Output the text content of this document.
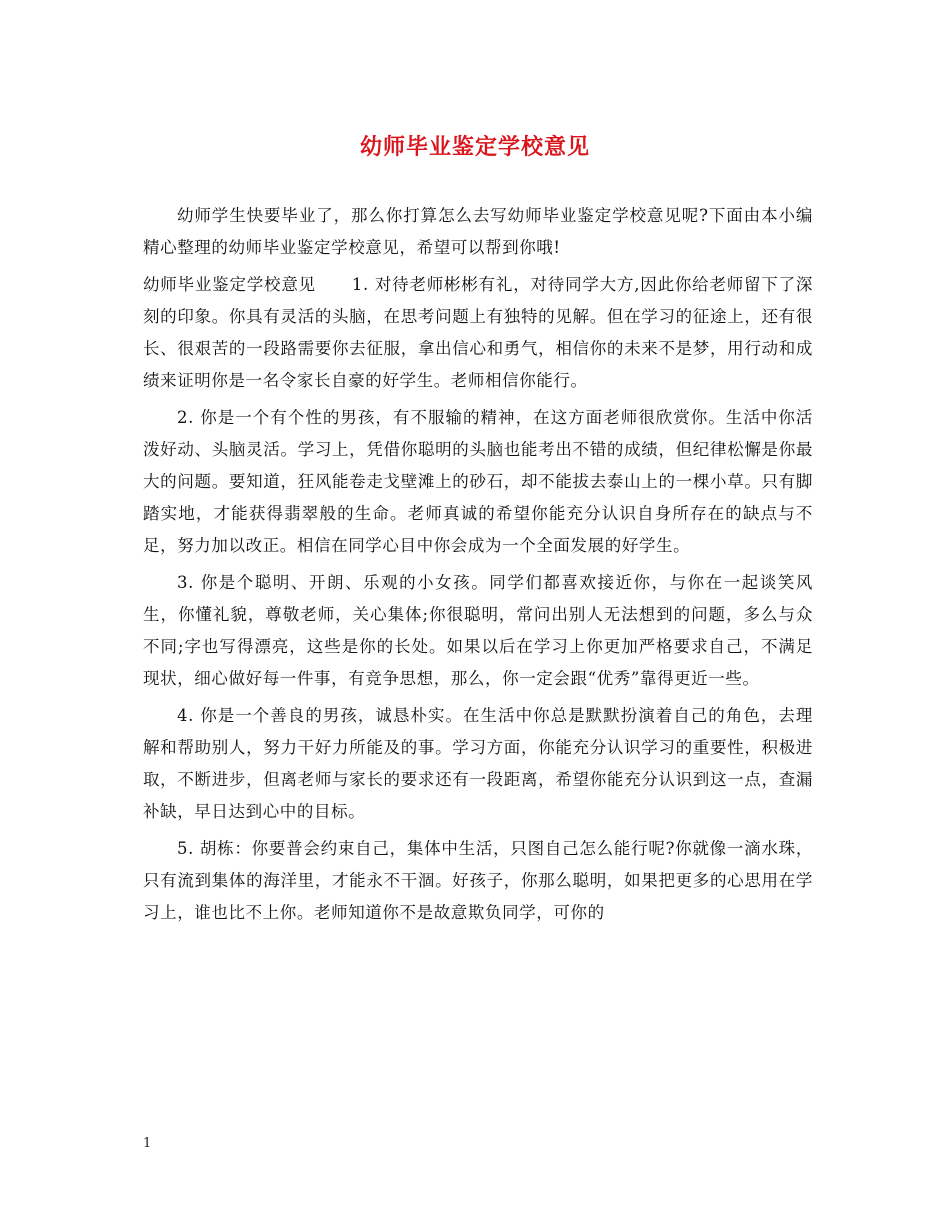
幼师毕业鉴定学校意见

幼师学生快要毕业了，那么你打算怎么去写幼师毕业鉴定学校意见呢?下面由本小编精心整理的幼师毕业鉴定学校意见，希望可以帮到你哦!

幼师毕业鉴定学校意见 1. 对待老师彬彬有礼，对待同学大方,因此你给老师留下了深刻的印象。你具有灵活的头脑，在思考问题上有独特的见解。但在学习的征途上，还有很长、很艰苦的一段路需要你去征服，拿出信心和勇气，相信你的未来不是梦，用行动和成绩来证明你是一名令家长自豪的好学生。老师相信你能行。

2. 你是一个有个性的男孩，有不服输的精神，在这方面老师很欣赏你。生活中你活泼好动、头脑灵活。学习上，凭借你聪明的头脑也能考出不错的成绩，但纪律松懈是你最大的问题。要知道，狂风能卷走戈壁滩上的砂石，却不能拔去泰山上的一棵小草。只有脚踏实地，才能获得翡翠般的生命。老师真诚的希望你能充分认识自身所存在的缺点与不足，努力加以改正。相信在同学心目中你会成为一个全面发展的好学生。

3. 你是个聪明、开朗、乐观的小女孩。同学们都喜欢接近你，与你在一起谈笑风生，你懂礼貌，尊敬老师，关心集体;你很聪明，常问出别人无法想到的问题，多么与众不同;字也写得漂亮，这些是你的长处。如果以后在学习上你更加严格要求自己，不满足现状，细心做好每一件事，有竞争思想，那么，你一定会跟“优秀”靠得更近一些。

4. 你是一个善良的男孩，诚恳朴实。在生活中你总是默默扮演着自己的角色，去理解和帮助别人，努力干好力所能及的事。学习方面，你能充分认识学习的重要性，积极进取，不断进步，但离老师与家长的要求还有一段距离，希望你能充分认识到这一点，查漏补缺，早日达到心中的目标。

5. 胡栋：你要普会约束自己，集体中生活，只图自己怎么能行呢?你就像一滴水珠，只有流到集体的海洋里，才能永不干涸。好孩子，你那么聪明，如果把更多的心思用在学习上，谁也比不上你。老师知道你不是故意欺负同学，可你的

1
